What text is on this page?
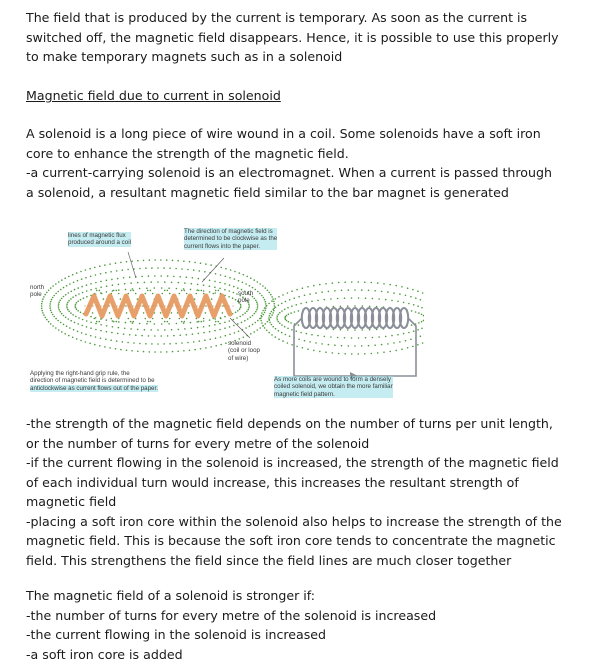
The field that is produced by the current is temporary. As soon as the current is

switched off, the magnetic field disappears. Hence, it is possible to use this properly

to make temporary magnets such as in a solenoid

Magnetic field due to current in solenoid

A solenoid is a long piece of wire wound in a coil. Some solenoids have a soft iron

core to enhance the strength of the magnetic field.

-a current-carrying solenoid is an electromagnet. When a current is passed through

a solenoid, a resultant magnetic field similar to the bar magnet is generated

lines of magnetic flux
produced around a coil
The direction of magnetic field is
determined to be clockwise as the
current flows into the paper.
north
pole	south
pole
solenoid
(coil or loop
of wire)
Applying the right-hand grip rule, the
direction of magnetic field is determined to be
anticlockwise as current flows out of the paper.
As more coils are wound to form a densely
coiled solenoid, we obtain the more familiar
magnetic field pattern.

-the strength of the magnetic field depends on the number of turns per unit length,

or the number of turns for every metre of the solenoid

-if the current flowing in the solenoid is increased, the strength of the magnetic field

of each individual turn would increase, this increases the resultant strength of

magnetic field

-placing a soft iron core within the solenoid also helps to increase the strength of the

magnetic field. This is because the soft iron core tends to concentrate the magnetic

field. This strengthens the field since the field lines are much closer together

The magnetic field of a solenoid is stronger if:

-the number of turns for every metre of the solenoid is increased

-the current flowing in the solenoid is increased

-a soft iron core is added
